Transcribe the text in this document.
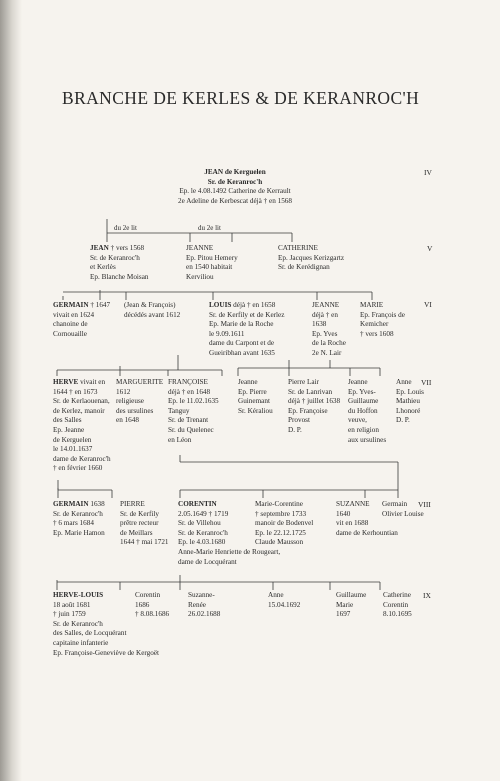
BRANCHE DE KERLES & DE KERANROC'H
IV
V
VI
VII
VIII
IX
du 2e lit	du 2e lit
JEAN de Kerguelen
Sr. de Keranroc'h
Ep. le 4.08.1492 Catherine de Kerrault
2e Adeline de Kerbescat déjà † en 1568
JEAN † vers 1568
Sr. de Keranroc'h
et Kerlès
Ep. Blanche Moisan
JEANNE
Ep. Pitou Hemery
en 1540 habitait
Kerviliou
CATHERINE
Ep. Jacques Kerizgartz
Sr. de Kerédignan
GERMAIN † 1647
vivait en 1624
chanoine de
Cornouaille
(Jean & François)
décédés avant 1612
LOUIS déjà † en 1658
Sr. de Kerfily et de Kerlez
Ep. Marie de la Roche
le 9.09.1611
dame du Carpont et de
Gueiribhan avant 1635
JEANNE
déjà † en
1638
Ep. Yves
de la Roche
2e N. Lair
MARIE
Ep. François de
Kemicher
† vers 1608
HERVE vivait en
1644 † en 1673
Sr. de Kerlaouenan,
de Kerlez, manoir
des Salles
Ep. Jeanne
de Kerguelen
le 14.01.1637
dame de Keranroc'h
† en février 1660
MARGUERITE
1612
religieuse
des ursulines
en 1648
FRANÇOISE
déjà † en 1648
Ep. le 11.02.1635
Tanguy
Sr. de Trenant
Sr. du Quelenec
en Léon
Jeanne
Ep. Pierre
Guinemant
Sr. Kéraliou
Pierre Lair
Sr. de Lanrivan
déjà † juillet 1638
Ep. Françoise
Provost
D. P.
Jeanne
Ep. Yves-
Guillaume
du Hoffon
veuve,
en religion
aux ursulines
Anne
Ep. Louis
Mathieu
Lhonoré
D. P.
GERMAIN 1638
Sr. de Keranroc'h
† 6 mars 1684
Ep. Marie Hamon
PIERRE
Sr. de Kerfily
prêtre recteur
de Meillars
1644 † mai 1721
CORENTIN
2.05.1649 † 1719
Sr. de Villehou
Sr. de Keranroc'h
Ep. le 4.03.1680
Anne-Marie Henriette de Rougeart,
dame de Locquérant
Marie-Corentine
† septembre 1733
manoir de Bodenvel
Ep. le 22.12.1725
Claude Mausson
SUZANNE
1640
vit en 1688
dame de Kerhountian
Germain
Olivier Louise
HERVE-LOUIS
18 août 1681
† juin 1759
Sr. de Keranroc'h
des Salles, de Locquérant
capitaine infanterie
Ep. Françoise-Geneviève de Kergoët
Corentin
1686
† 8.08.1686
Suzanne-
Renée
26.02.1688
Anne
15.04.1692
Guillaume
Marie
1697
Catherine
Corentin
8.10.1695
